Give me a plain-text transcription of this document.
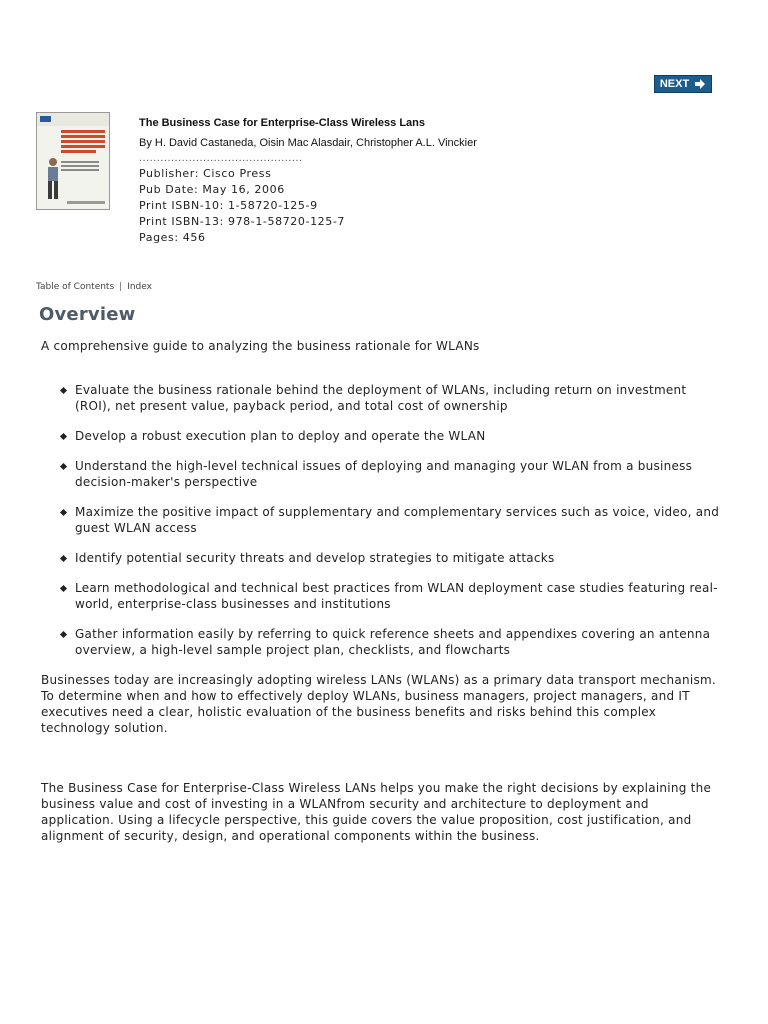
NEXT
The Business Case for Enterprise-Class Wireless Lans
By H. David Castaneda, Oisin Mac Alasdair, Christopher A.L. Vinckier
..............................................
Publisher: Cisco Press
Pub Date: May 16, 2006
Print ISBN-10: 1-58720-125-9
Print ISBN-13: 978-1-58720-125-7
Pages: 456
Table of Contents | Index
Overview

A comprehensive guide to analyzing the business rationale for WLANs

Evaluate the business rationale behind the deployment of WLANs, including return on investment (ROI), net present value, payback period, and total cost of ownership
Develop a robust execution plan to deploy and operate the WLAN
Understand the high-level technical issues of deploying and managing your WLAN from a business decision-maker's perspective
Maximize the positive impact of supplementary and complementary services such as voice, video, and guest WLAN access
Identify potential security threats and develop strategies to mitigate attacks
Learn methodological and technical best practices from WLAN deployment case studies featuring real-world, enterprise-class businesses and institutions
Gather information easily by referring to quick reference sheets and appendixes covering an antenna overview, a high-level sample project plan, checklists, and flowcharts

Businesses today are increasingly adopting wireless LANs (WLANs) as a primary data transport mechanism. To determine when and how to effectively deploy WLANs, business managers, project managers, and IT executives need a clear, holistic evaluation of the business benefits and risks behind this complex technology solution.

The Business Case for Enterprise-Class Wireless LANs helps you make the right decisions by explaining the business value and cost of investing in a WLANfrom security and architecture to deployment and application. Using a lifecycle perspective, this guide covers the value proposition, cost justification, and alignment of security, design, and operational components within the business.
